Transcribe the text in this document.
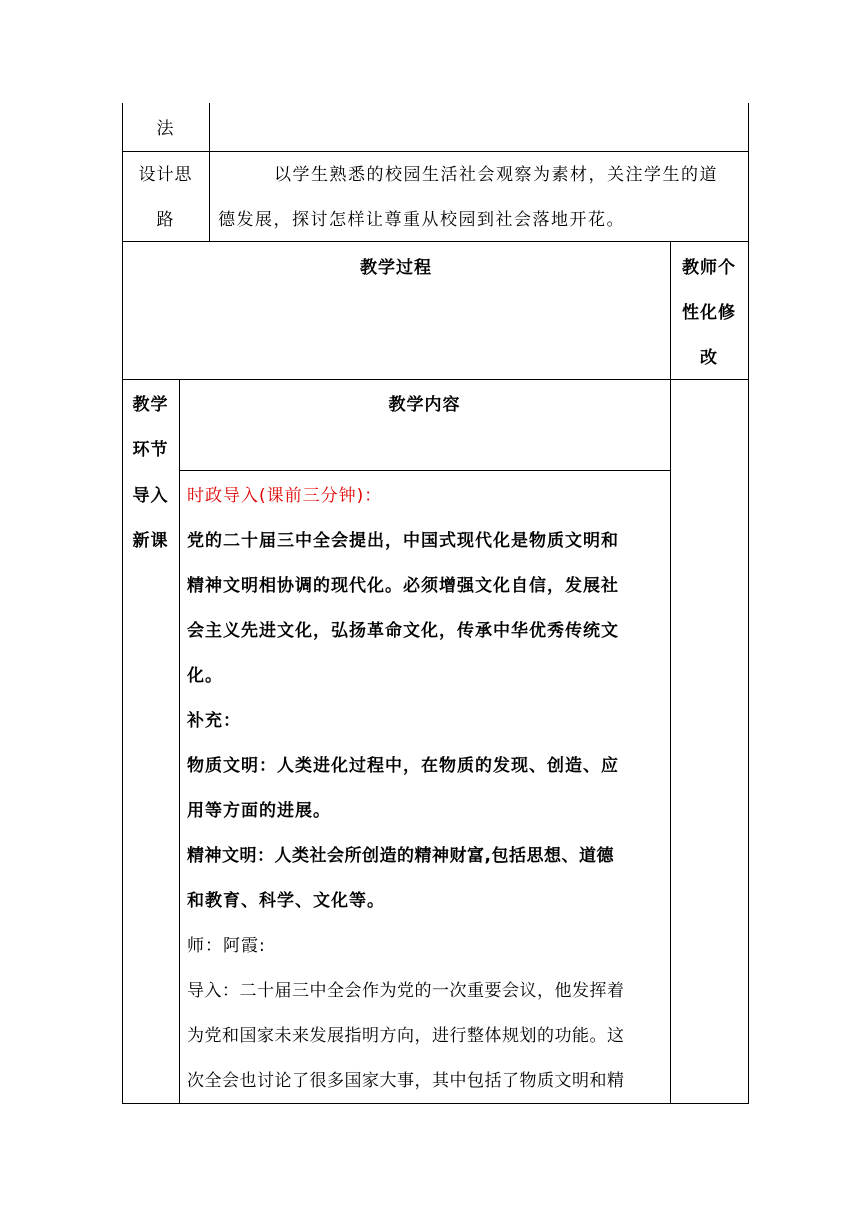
法
设计思
路
以学生熟悉的校园生活社会观察为素材，关注学生的道
德发展，探讨怎样让尊重从校园到社会落地开花。
教学过程	教师个
性化修
改
教学
环节
教学内容
导入
新课
时政导入(课前三分钟)：
党的二十届三中全会提出，中国式现代化是物质文明和
精神文明相协调的现代化。必须增强文化自信，发展社
会主义先进文化，弘扬革命文化，传承中华优秀传统文
化。
补充：
物质文明：人类进化过程中，在物质的发现、创造、应
用等方面的进展。
精神文明：人类社会所创造的精神财富,包括思想、道德
和教育、科学、文化等。
师：阿霞:
导入：二十届三中全会作为党的一次重要会议，他发挥着
为党和国家未来发展指明方向，进行整体规划的功能。这
次全会也讨论了很多国家大事，其中包括了物质文明和精
